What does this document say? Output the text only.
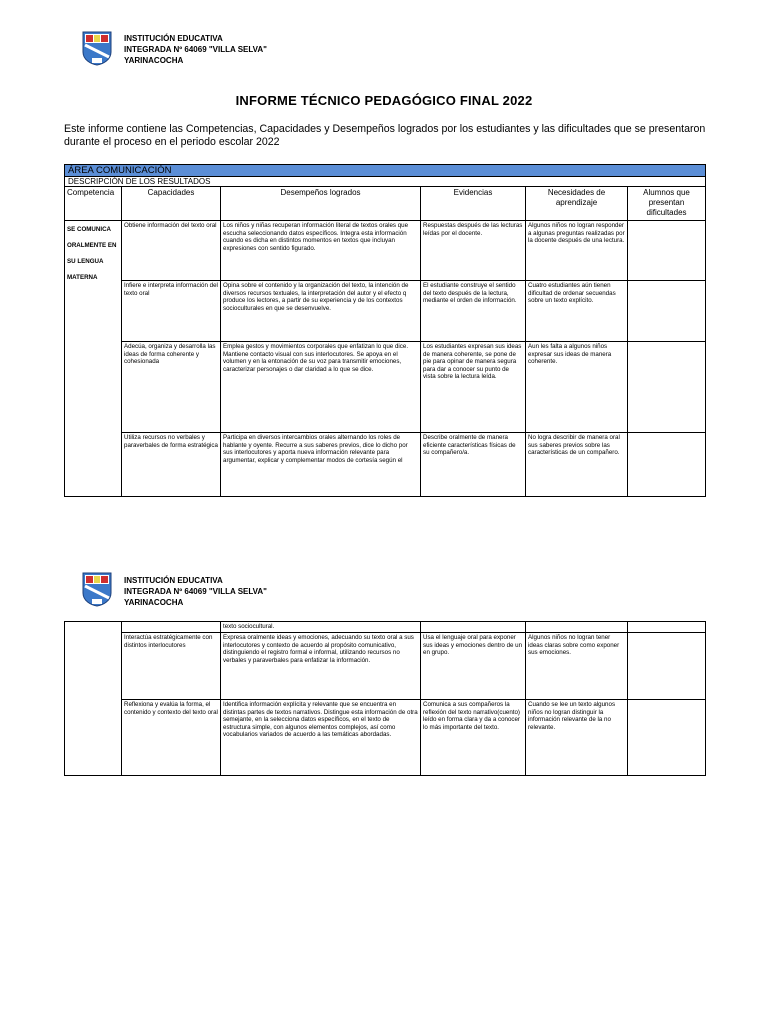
INSTITUCIÓN EDUCATIVA
INTEGRADA Nº 64069 "VILLA SELVA"
YARINACOCHA
INFORME TÉCNICO PEDAGÓGICO FINAL 2022
Este informe contiene las Competencias, Capacidades y Desempeños logrados por los estudiantes y las dificultades que se presentaron durante el proceso en el periodo escolar 2022
ÁREA COMUNICACIÓN					
DESCRIPCIÓN DE LOS RESULTADOS					
Competencia	Capacidades	Desempeños logrados	Evidencias	Necesidades de aprendizaje	Alumnos que presentan dificultades
SE COMUNICA ORALMENTE EN SU LENGUA MATERNA	Obtiene información del texto oral	Los niños y niñas recuperan información literal de textos orales que escucha seleccionando datos específicos. Integra esta información cuando es dicha en distintos momentos en textos que incluyan expresiones con sentido figurado.	Respuestas después de las lecturas leídas por el docente.	Algunos niños no logran responder a algunas preguntas realizadas por la docente después de una lectura.	
	Infiere e interpreta información del texto oral	Opina sobre el contenido y la organización del texto, la intención de diversos recursos textuales, la interpretación del autor y el efecto q produce los lectores, a partir de su experiencia y de los contextos socioculturales en que se desenvuelve.	El estudiante construye el sentido del texto después de la lectura, mediante el orden de información.	Cuatro estudiantes aún tienen dificultad de ordenar secuendas sobre un texto explícito.	
	Adecúa, organiza y desarrolla las ideas de forma coherente y cohesionada	Emplea gestos y movimientos corporales que enfatizan lo que dice. Mantiene contacto visual con sus interlocutores. Se apoya en el volumen y en la entonación de su voz para transmitir emociones, caracterizar personajes o dar claridad a lo que se dice.	Los estudiantes expresan sus ideas de manera coherente, se pone de pie para opinar de manera segura para dar a conocer su punto de vista sobre la lectura leída.	Aun les falta a algunos niños expresar sus ideas de manera coherente.	
	Utiliza recursos no verbales y paraverbales de forma estratégica	Participa en diversos intercambios orales alternando los roles de hablante y oyente. Recurre a sus saberes previos, dice lo dicho por sus interlocutores y aporta nueva información relevante para argumentar, explicar y complementar modos de cortesía según el	Describe oralmente de manera eficiente características físicas de su compañero/a.	No logra describir de manera oral sus saberes previos sobre las características de un compañero.	
INSTITUCIÓN EDUCATIVA
INTEGRADA Nº 64069 "VILLA SELVA"
YARINACOCHA
		texto sociocultural.			
	Interactúa estratégicamente con distintos interlocutores	Expresa oralmente ideas y emociones, adecuando su texto oral a sus interlocutores y contexto de acuerdo al propósito comunicativo, distinguiendo el registro formal e informal, utilizando recursos no verbales y paraverbales para enfatizar la información.	Usa el lenguaje oral para exponer sus ideas y emociones dentro de un en grupo.	Algunos niños no logran tener ideas claras sobre como exponer sus emociones.	
	Reflexiona y evalúa la forma, el contenido y contexto del texto oral	Identifica información explícita y relevante que se encuentra en distintas partes de textos narrativos. Distingue esta información de otra semejante, en la selecciona datos específicos, en el texto de estructura simple, con algunos elementos complejos, así como vocabularios variados de acuerdo a las temáticas abordadas.	Comunica a sus compañeros la reflexión del texto narrativo(cuento) leído en forma clara y da a conocer lo más importante del texto.	Cuando se lee un texto algunos niños no logran distinguir la información relevante de la no relevante.	
